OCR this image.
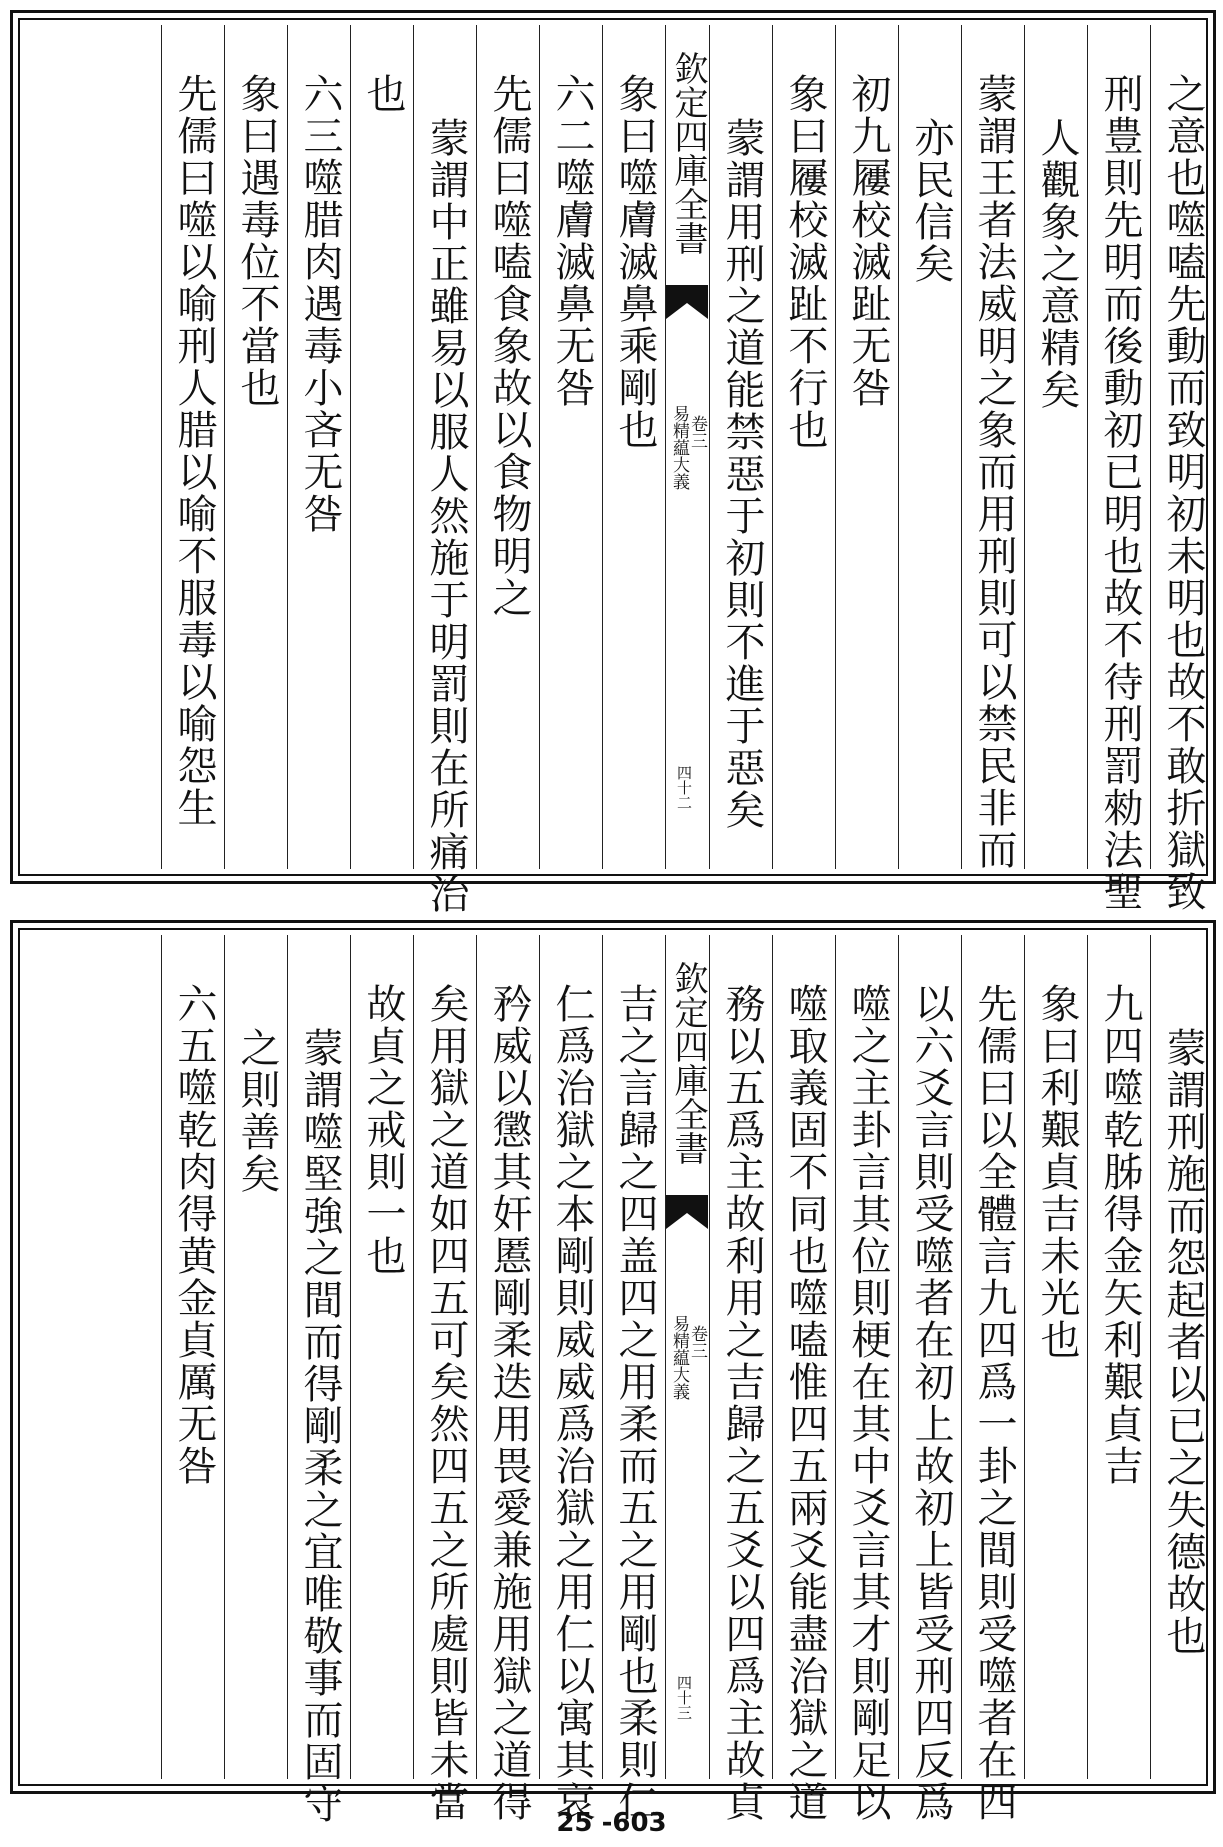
之意也噬嗑先動而致明初未明也故不敢折獄致
刑豊則先明而後動初已明也故不待刑罰勑法聖
人觀象之意精矣
蒙謂王者法威明之象而用刑則可以禁民非而
亦民信矣
初九屨校滅趾无咎
象曰屨校滅趾不行也
蒙謂用刑之道能禁惡于初則不進于惡矣
欽定四庫全書
易精藴大義
卷三
四十二
象曰噬膚滅鼻乘剛也
六二噬膚滅鼻无咎
先儒曰噬嗑食象故以食物明之
蒙謂中正雖易以服人然施于明罰則在所痛治
也
六三噬腊肉遇毒小吝无咎
象曰遇毒位不當也
先儒曰噬以喻刑人腊以喻不服毒以喻怨生
蒙謂刑施而怨起者以已之失德故也
九四噬乾胏得金矢利艱貞吉
象曰利艱貞吉未光也
先儒曰以全體言九四爲一卦之間則受噬者在四
以六爻言則受噬者在初上故初上皆受刑四反爲
噬之主卦言其位則梗在其中爻言其才則剛足以
噬取義固不同也噬嗑惟四五兩爻能盡治獄之道
務以五爲主故利用之吉歸之五爻以四爲主故貞
欽定四庫全書
易精藴大義
卷三
四十三
吉之言歸之四盖四之用柔而五之用剛也柔則仁
仁爲治獄之本剛則威威爲治獄之用仁以寓其哀
矜威以懲其奸慝剛柔迭用畏愛兼施用獄之道得
矣用獄之道如四五可矣然四五之所處則皆未當
故貞之戒則一也
蒙謂噬堅強之間而得剛柔之宜唯敬事而固守
之則善矣
六五噬乾肉得黄金貞厲无咎
25 -603
